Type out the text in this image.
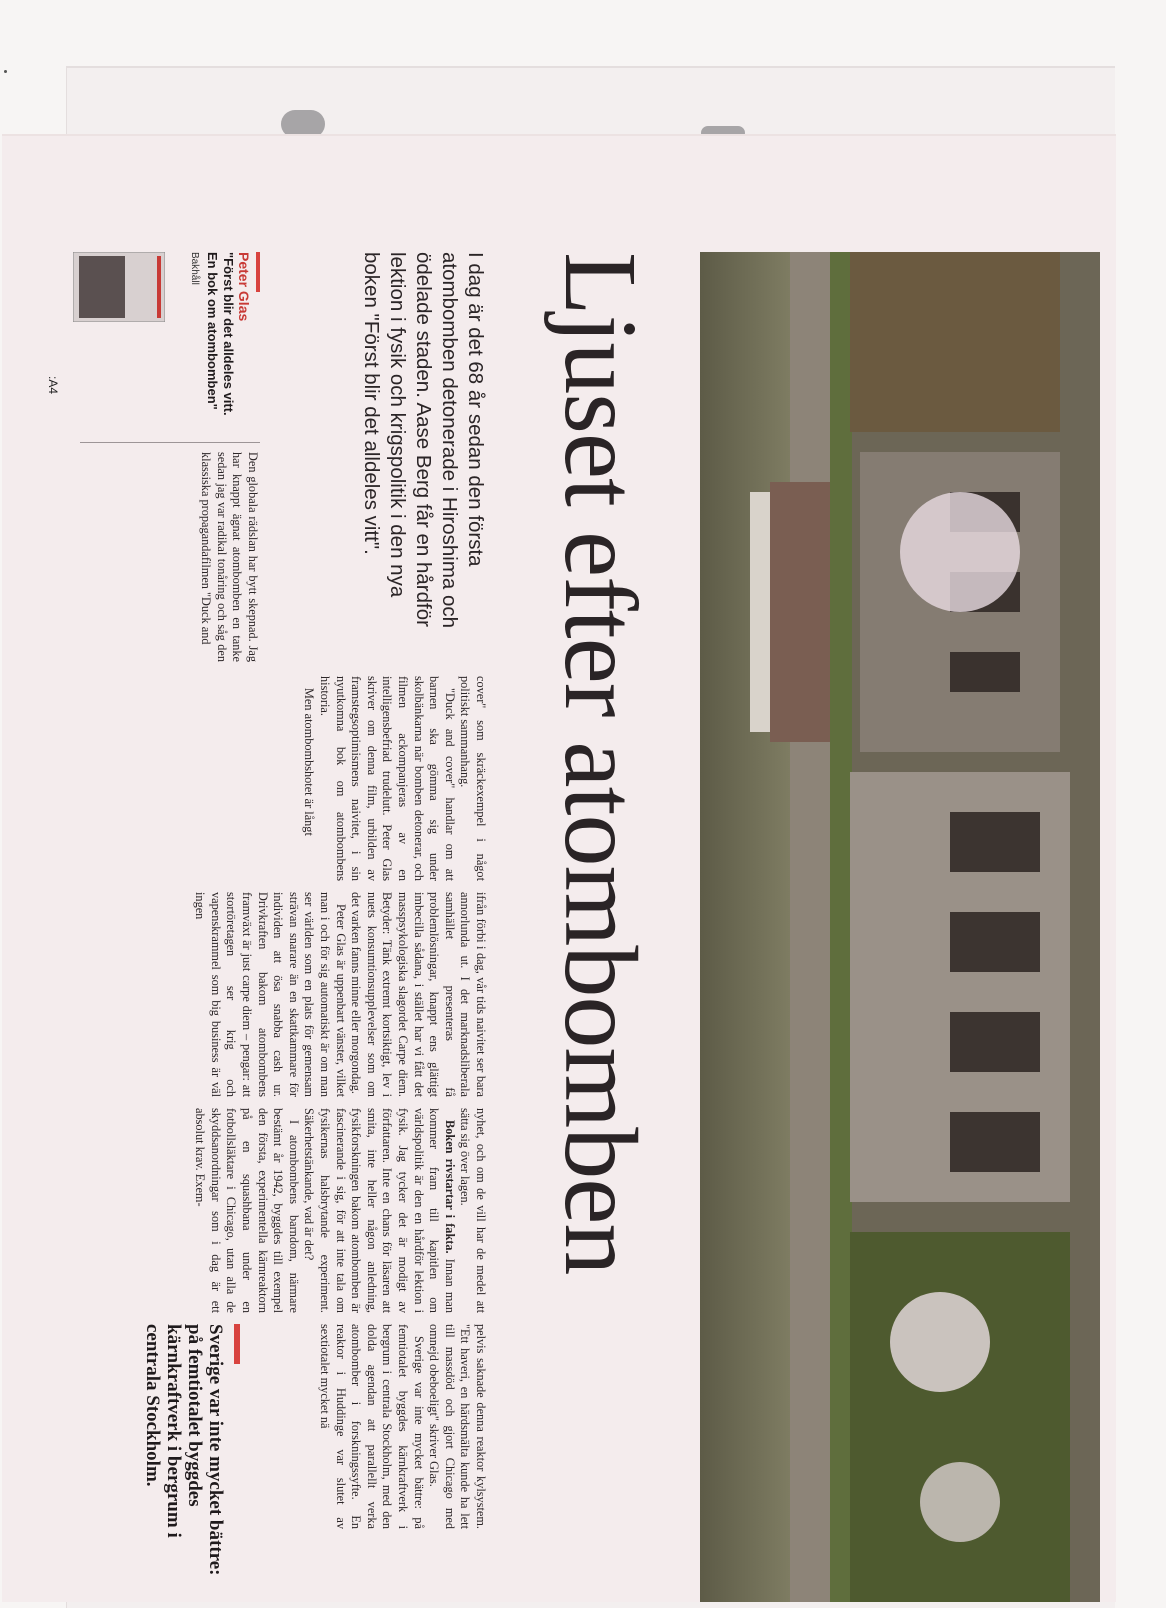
:A4	Ljuset efter atombomben
I dag är det 68 år sedan den första atombomben detonerade i Hiroshima och ödelade staden. Aase Berg får en hårdför lektion i fysik och krigspolitik i den nya boken "Först blir det alldeles vitt".
Peter Glas
"Först blir det alldeles vitt. En bok om atombomben"
Bakhåll

Den globala rädslan har bytt skepnad. Jag har knappt ägnat atombomben en tanke sedan jag var radikal tonåring och såg den klassiska propagandafilmen "Duck and

cover" som skräckexempel i något politiskt sammanhang.

"Duck and cover" handlar om att barnen ska gömma sig under skolbänkarna när bomben detonerar, och filmen ackompanjeras av en intelligensbefriad trudelutt. Peter Glas skriver om denna film, urbilden av framstegsoptimismens naivitet, i sin nyutkomna bok om atombombens historia.

Men atombombshotet är långt

ifrån förbi i dag, vår tids naivitet ser bara annorlunda ut. I det marknadsliberala samhället presenteras få problemlösningar, knappt ens glättigt imbecilla sådana, i stället har vi fått det masspsykologiska slagordet Carpe diem. Betyder: Tänk extremt kortsiktigt, lev i nuets konsumtionsupplevelser som om det varken fanns minne eller morgondag.

Peter Glas är uppenbart vänster, vilket man i och för sig automatiskt är om man ser världen som en plats för gemensam strävan snarare än en skattkammare för individen att ösa snabba cash ur. Drivkraften bakom atombombens framväxt är just carpe diem – pengar: att stortöretagen ser krig och vapenskrammel som big business är väl ingen

nyhet, och om de vill har de medel att sätta sig över lagen.

Boken rivstartar i fakta. Innan man kommer fram till kapitlen om världspolitik är den en hårdför lektion i fysik. Jag tycker det är modigt av författaren. Inte en chans för läsaren att smita, inte heller någon anledning, fysikforskningen bakom atombomben är fascinerande i sig, för att inte tala om fysikernas halsbrytande experiment. Säkerhetstänkande, vad är det?

I atombombens barndom, närmare bestämt år 1942, byggdes till exempel den första, experimentella kärnreaktorn på en squashbana under en fotbollsläktare i Chicago, utan alla de skyddsanordningar som i dag är ett absolut krav. Exem-

pelvis saknade denna reaktor kylsystem. "Ett haveri, en härdsmälta kunde ha lett till massdöd och gjort Chicago med omnejd obeboeligt" skriver Glas.

Sverige var inte mycket bättre: på femtiotalet byggdes kärnkraftverk i bergrum i centrala Stockholm, med den dolda agendan att parallellt verka atombomber i forskningssyfte. En reaktor i Huddinge var slutet av sextiotalet mycket nä

Sverige var inte mycket bättre: på femtiotalet byggdes kärnkraftverk i bergrum i centrala Stockholm.
